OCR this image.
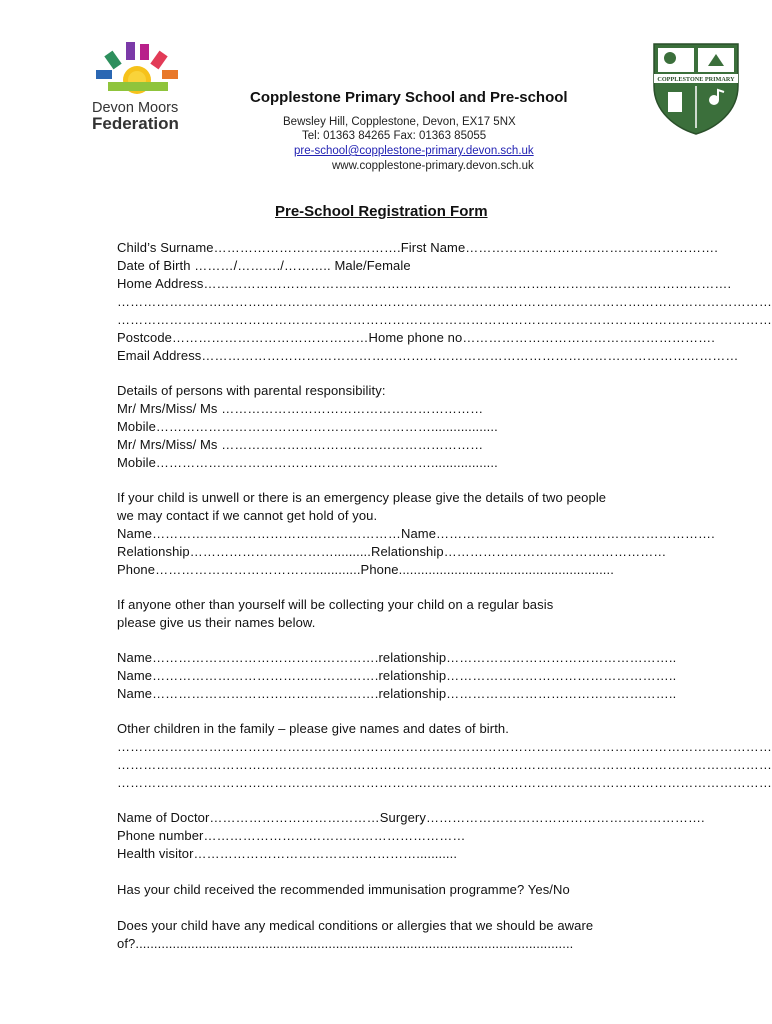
Devon Moors
Federation
COPPLESTONE PRIMARY
Copplestone Primary School and Pre-school
Bewsley Hill, Copplestone, Devon, EX17 5NX
Tel: 01363 84265 Fax: 01363 85055
pre-school@copplestone-primary.devon.sch.uk
www.copplestone-primary.devon.sch.uk
Pre-School Registration Form
Child’s Surname…………………………………….First Name………………………………………………….
Date of Birth ………/………./……….. Male/Female
Home Address………………………………………………………………………………………………………….
……………………………………………………………………………………………………………………………………
……………………………………………………………………………………………………………………………………
Postcode………………………………………Home phone no………………………………………………….
Email Address……………………………………………………………………………………………………………
Details of persons with parental responsibility:
Mr/ Mrs/Miss/ Ms ……………………………………………………
Mobile………………………………………………………..................
Mr/ Mrs/Miss/ Ms ……………………………………………………
Mobile………………………………………………………..................
If your child is unwell or there is an emergency please give the details of two people
we may contact if we cannot get hold of you.
Name…………………………………………………Name……………………………………………………….
Relationship……………………………..........Relationship……………………………………………
Phone……………………………….............Phone..........................................................
If anyone other than yourself will be collecting your child on a regular basis
please give us their names below.
Name…………………………………………….relationship……………………………………………..
Name…………………………………………….relationship……………………………………………..
Name…………………………………………….relationship……………………………………………..
Other children in the family – please give names and dates of birth.
……………………………………………………………………………………………………………………………………
……………………………………………………………………………………………………………………………………
……………………………………………………………………………………………………………………………………
Name of Doctor…………………………………Surgery……………………………………………………….
Phone number……………………………………………………
Health visitor……………………………………………...........
Has your child received the recommended immunisation programme? Yes/No
Does your child have any medical conditions or allergies that we should be aware
of?......................................................................................................................
